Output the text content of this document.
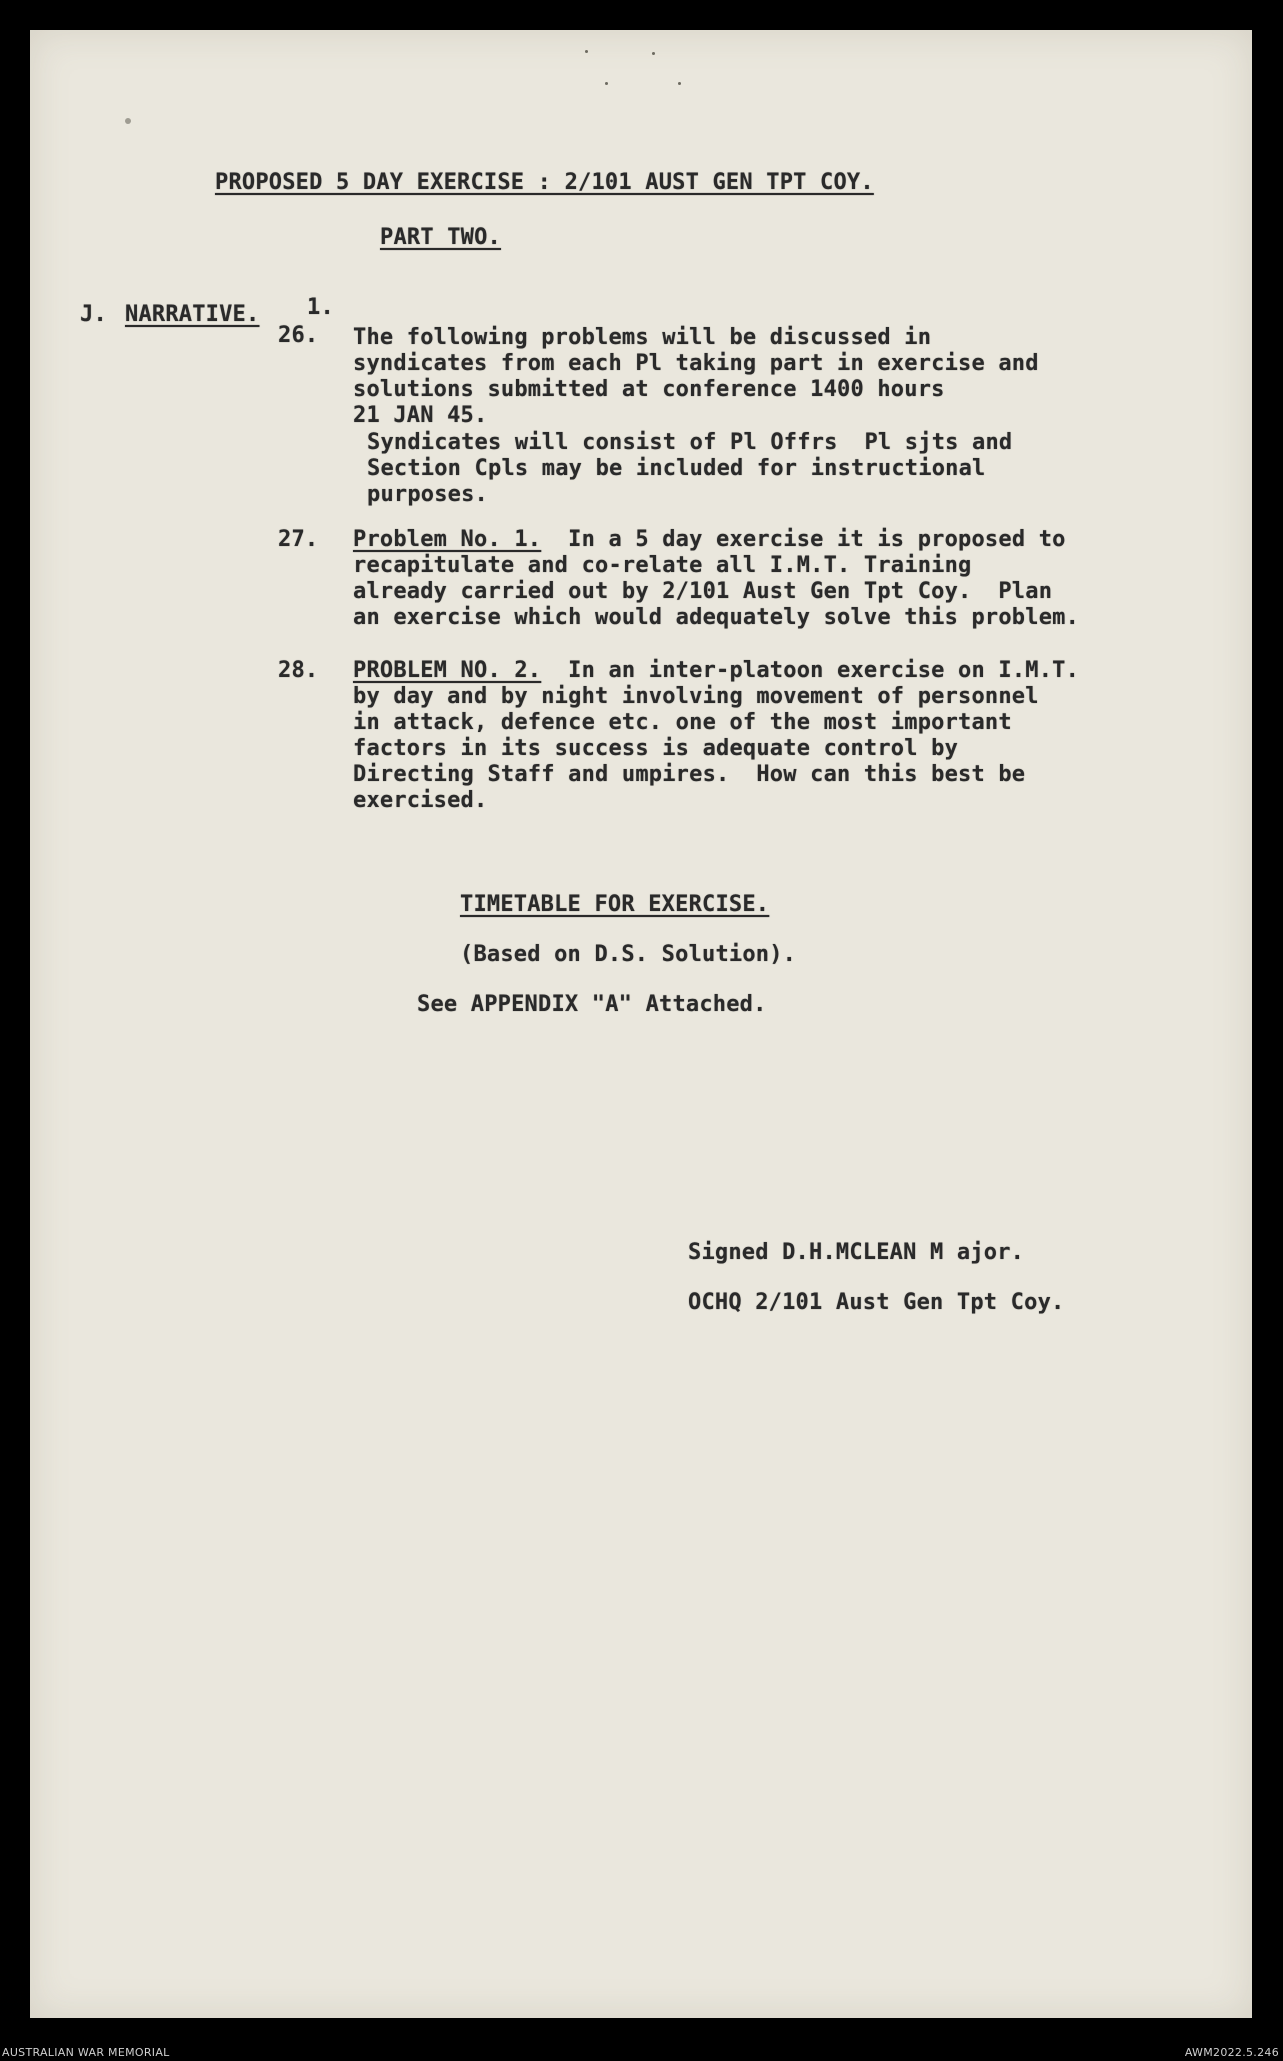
PROPOSED 5 DAY EXERCISE : 2/101 AUST GEN TPT COY.
PART TWO.
J. NARRATIVE. 1.
26. The following problems will be discussed in
syndicates from each Pl taking part in exercise and
solutions submitted at conference 1400 hours
21 JAN 45.
Syndicates will consist of Pl Offrs  Pl sjts and
Section Cpls may be included for instructional
purposes.
27. Problem No. 1.  In a 5 day exercise it is proposed to
recapitulate and co-relate all I.M.T. Training
already carried out by 2/101 Aust Gen Tpt Coy.  Plan
an exercise which would adequately solve this problem.
28. PROBLEM NO. 2.  In an inter-platoon exercise on I.M.T.
by day and by night involving movement of personnel
in attack, defence etc. one of the most important
factors in its success is adequate control by
Directing Staff and umpires.  How can this best be
exercised.
TIMETABLE FOR EXERCISE.
(Based on D.S. Solution).
See APPENDIX "A" Attached.
Signed D.H.MCLEAN M ajor.
OCHQ 2/101 Aust Gen Tpt Coy.
AUSTRALIAN WAR MEMORIAL	AWM2022.5.246
